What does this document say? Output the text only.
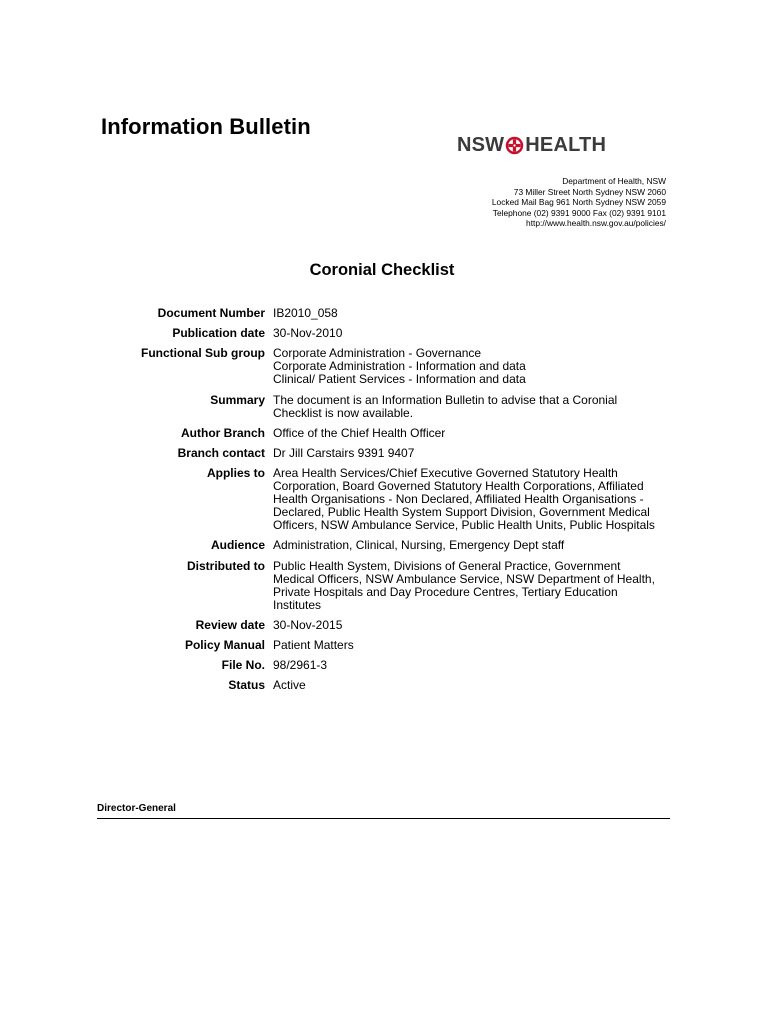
Information Bulletin
NSW HEALTH
Department of Health, NSW
73 Miller Street North Sydney NSW 2060
Locked Mail Bag 961 North Sydney NSW 2059
Telephone (02) 9391 9000 Fax (02) 9391 9101
http://www.health.nsw.gov.au/policies/
Coronial Checklist
Document Number IB2010_058
Publication date 30-Nov-2010
Functional Sub group Corporate Administration - Governance
Corporate Administration - Information and data
Clinical/ Patient Services - Information and data
Summary The document is an Information Bulletin to advise that a Coronial
Checklist is now available.
Author Branch Office of the Chief Health Officer
Branch contact Dr Jill Carstairs 9391 9407
Applies to Area Health Services/Chief Executive Governed Statutory Health
Corporation, Board Governed Statutory Health Corporations, Affiliated
Health Organisations - Non Declared, Affiliated Health Organisations -
Declared, Public Health System Support Division, Government Medical
Officers, NSW Ambulance Service, Public Health Units, Public Hospitals
Audience Administration, Clinical, Nursing, Emergency Dept staff
Distributed to Public Health System, Divisions of General Practice, Government
Medical Officers, NSW Ambulance Service, NSW Department of Health,
Private Hospitals and Day Procedure Centres, Tertiary Education
Institutes
Review date 30-Nov-2015
Policy Manual Patient Matters
File No. 98/2961-3
Status Active
Director-General
